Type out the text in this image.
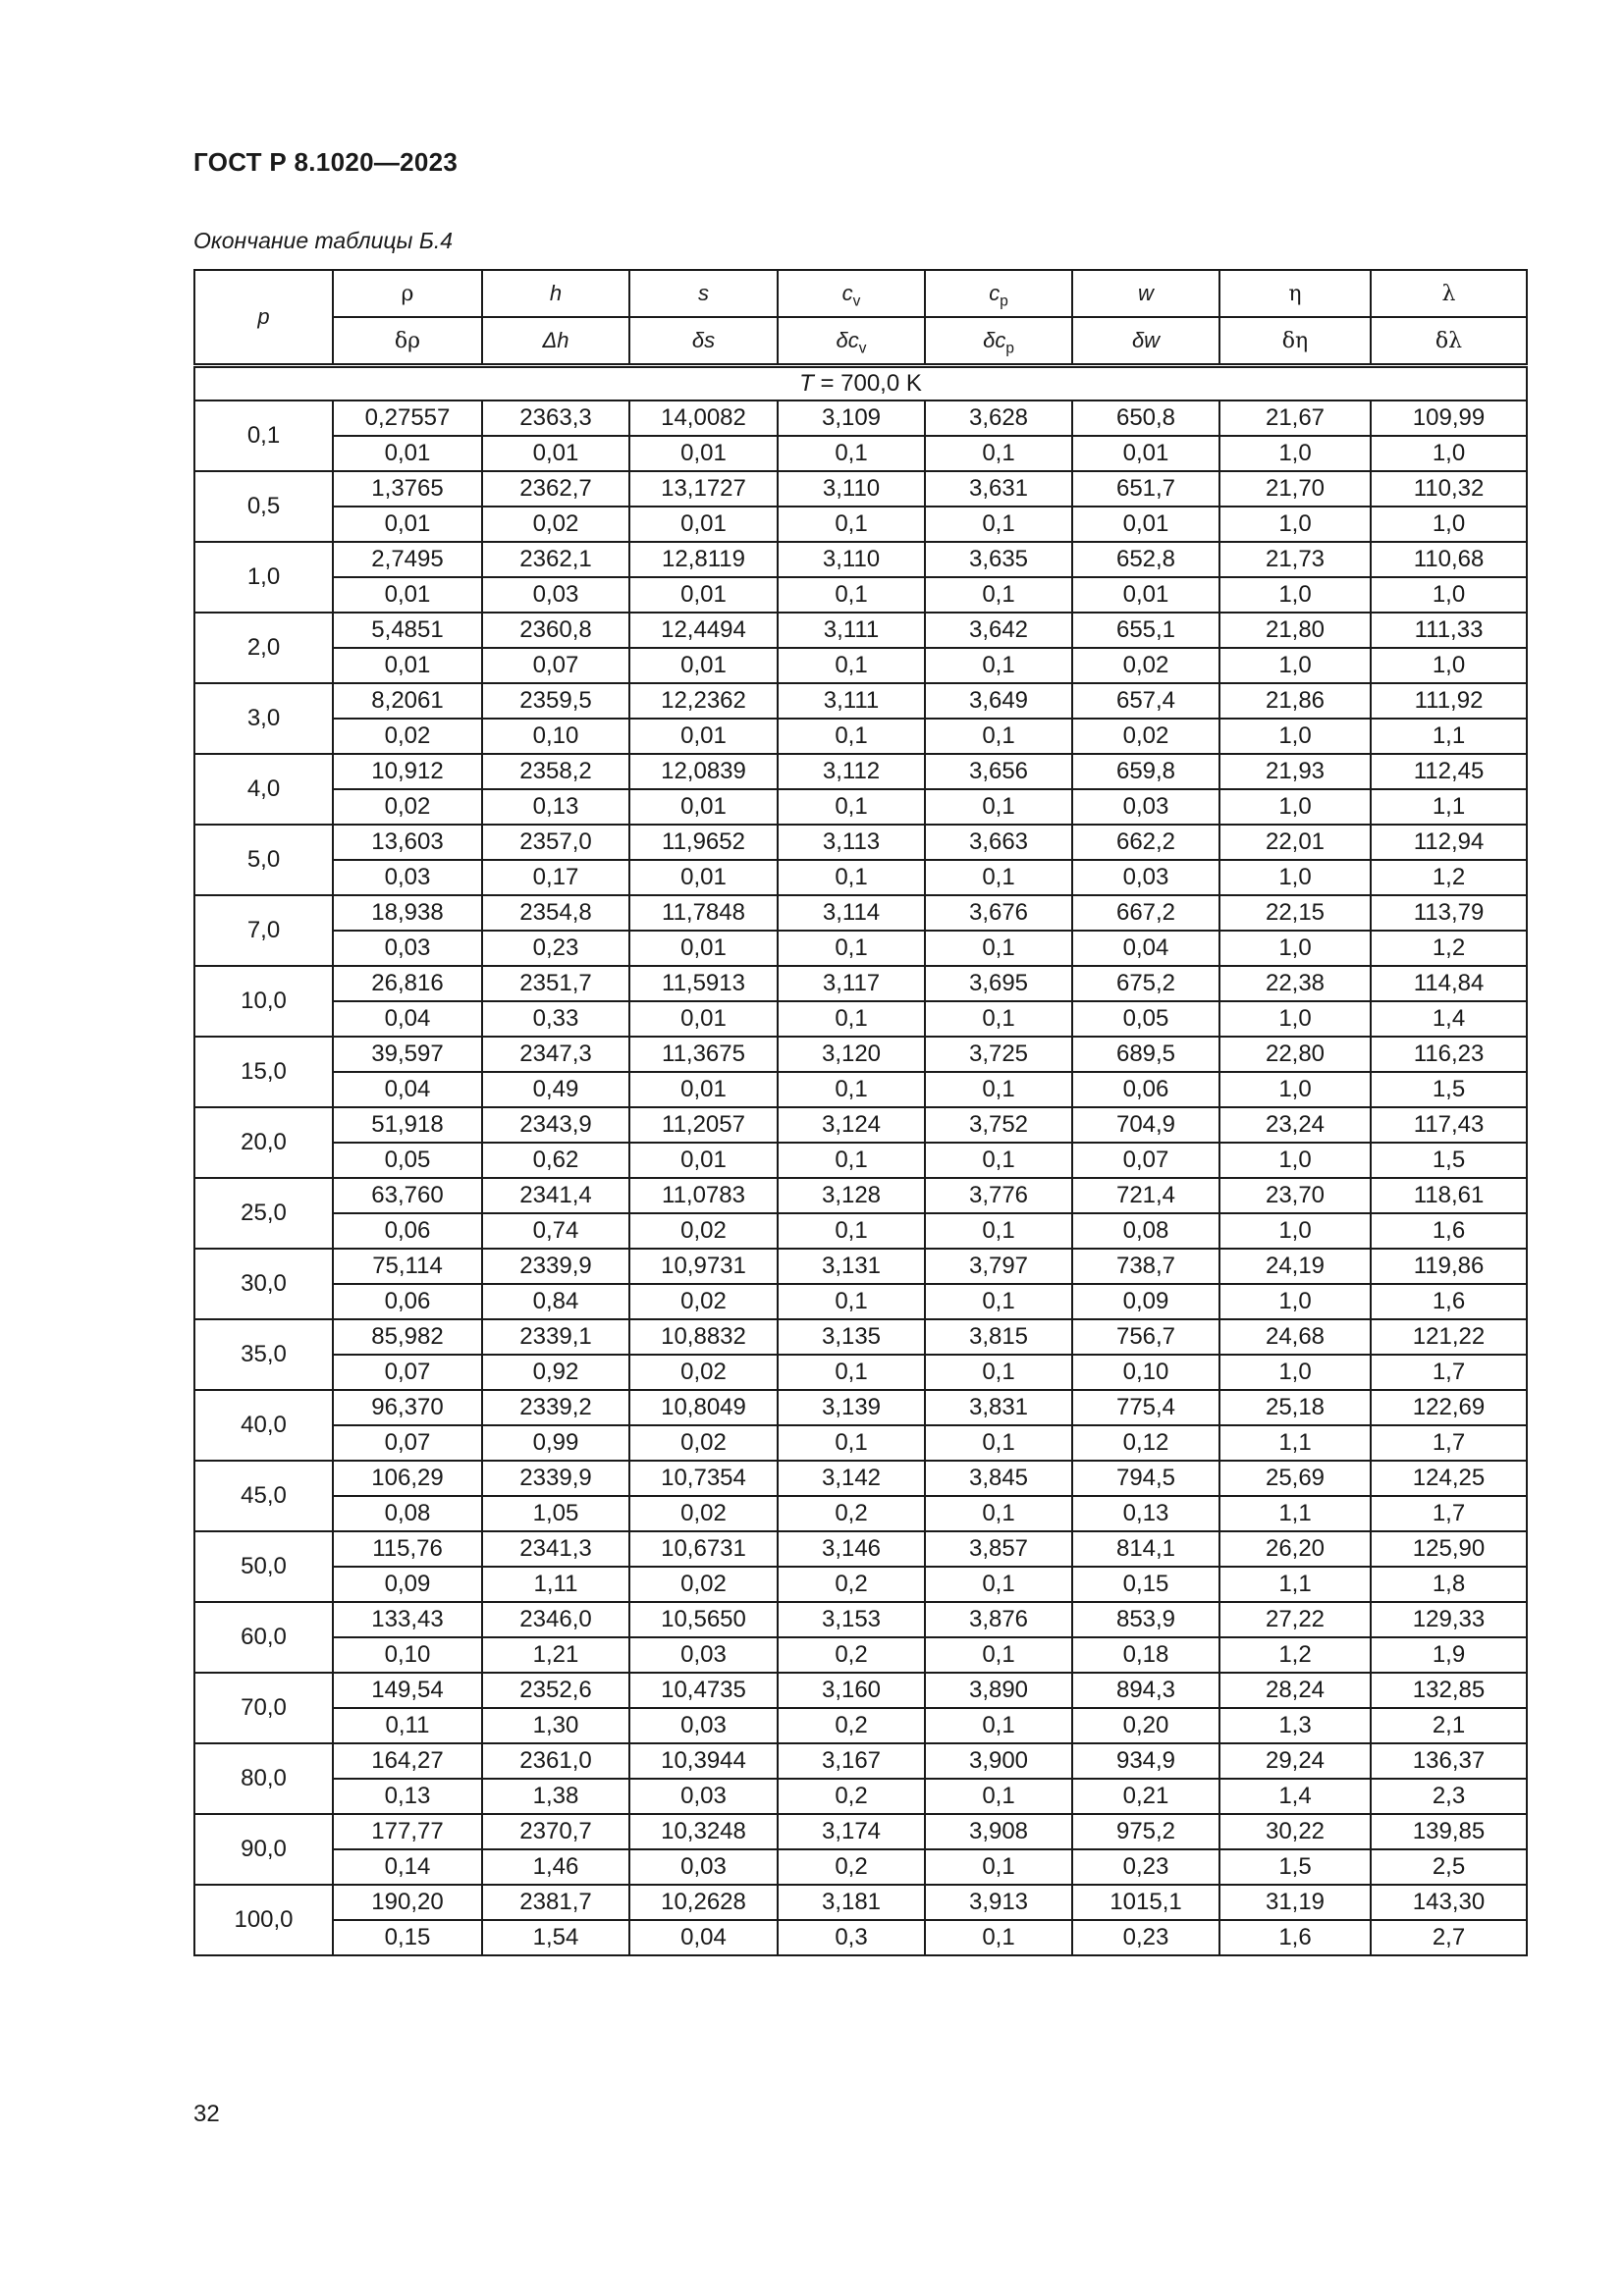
ГОСТ Р 8.1020—2023
Окончание таблицы Б.4
p	ρ	h	s	$c_v$	$c_p$	w	η	λ
	δρ	Δh	δs	$\delta c_v$	$\delta c_p$	δw	δη	δλ
T = 700,0 K								
0,1	0,27557	2363,3	14,0082	3,109	3,628	650,8	21,67	109,99
	0,01	0,01	0,01	0,1	0,1	0,01	1,0	1,0
0,5	1,3765	2362,7	13,1727	3,110	3,631	651,7	21,70	110,32
	0,01	0,02	0,01	0,1	0,1	0,01	1,0	1,0
1,0	2,7495	2362,1	12,8119	3,110	3,635	652,8	21,73	110,68
	0,01	0,03	0,01	0,1	0,1	0,01	1,0	1,0
2,0	5,4851	2360,8	12,4494	3,111	3,642	655,1	21,80	111,33
	0,01	0,07	0,01	0,1	0,1	0,02	1,0	1,0
3,0	8,2061	2359,5	12,2362	3,111	3,649	657,4	21,86	111,92
	0,02	0,10	0,01	0,1	0,1	0,02	1,0	1,1
4,0	10,912	2358,2	12,0839	3,112	3,656	659,8	21,93	112,45
	0,02	0,13	0,01	0,1	0,1	0,03	1,0	1,1
5,0	13,603	2357,0	11,9652	3,113	3,663	662,2	22,01	112,94
	0,03	0,17	0,01	0,1	0,1	0,03	1,0	1,2
7,0	18,938	2354,8	11,7848	3,114	3,676	667,2	22,15	113,79
	0,03	0,23	0,01	0,1	0,1	0,04	1,0	1,2
10,0	26,816	2351,7	11,5913	3,117	3,695	675,2	22,38	114,84
	0,04	0,33	0,01	0,1	0,1	0,05	1,0	1,4
15,0	39,597	2347,3	11,3675	3,120	3,725	689,5	22,80	116,23
	0,04	0,49	0,01	0,1	0,1	0,06	1,0	1,5
20,0	51,918	2343,9	11,2057	3,124	3,752	704,9	23,24	117,43
	0,05	0,62	0,01	0,1	0,1	0,07	1,0	1,5
25,0	63,760	2341,4	11,0783	3,128	3,776	721,4	23,70	118,61
	0,06	0,74	0,02	0,1	0,1	0,08	1,0	1,6
30,0	75,114	2339,9	10,9731	3,131	3,797	738,7	24,19	119,86
	0,06	0,84	0,02	0,1	0,1	0,09	1,0	1,6
35,0	85,982	2339,1	10,8832	3,135	3,815	756,7	24,68	121,22
	0,07	0,92	0,02	0,1	0,1	0,10	1,0	1,7
40,0	96,370	2339,2	10,8049	3,139	3,831	775,4	25,18	122,69
	0,07	0,99	0,02	0,1	0,1	0,12	1,1	1,7
45,0	106,29	2339,9	10,7354	3,142	3,845	794,5	25,69	124,25
	0,08	1,05	0,02	0,2	0,1	0,13	1,1	1,7
50,0	115,76	2341,3	10,6731	3,146	3,857	814,1	26,20	125,90
	0,09	1,11	0,02	0,2	0,1	0,15	1,1	1,8
60,0	133,43	2346,0	10,5650	3,153	3,876	853,9	27,22	129,33
	0,10	1,21	0,03	0,2	0,1	0,18	1,2	1,9
70,0	149,54	2352,6	10,4735	3,160	3,890	894,3	28,24	132,85
	0,11	1,30	0,03	0,2	0,1	0,20	1,3	2,1
80,0	164,27	2361,0	10,3944	3,167	3,900	934,9	29,24	136,37
	0,13	1,38	0,03	0,2	0,1	0,21	1,4	2,3
90,0	177,77	2370,7	10,3248	3,174	3,908	975,2	30,22	139,85
	0,14	1,46	0,03	0,2	0,1	0,23	1,5	2,5
100,0	190,20	2381,7	10,2628	3,181	3,913	1015,1	31,19	143,30
	0,15	1,54	0,04	0,3	0,1	0,23	1,6	2,7
32
